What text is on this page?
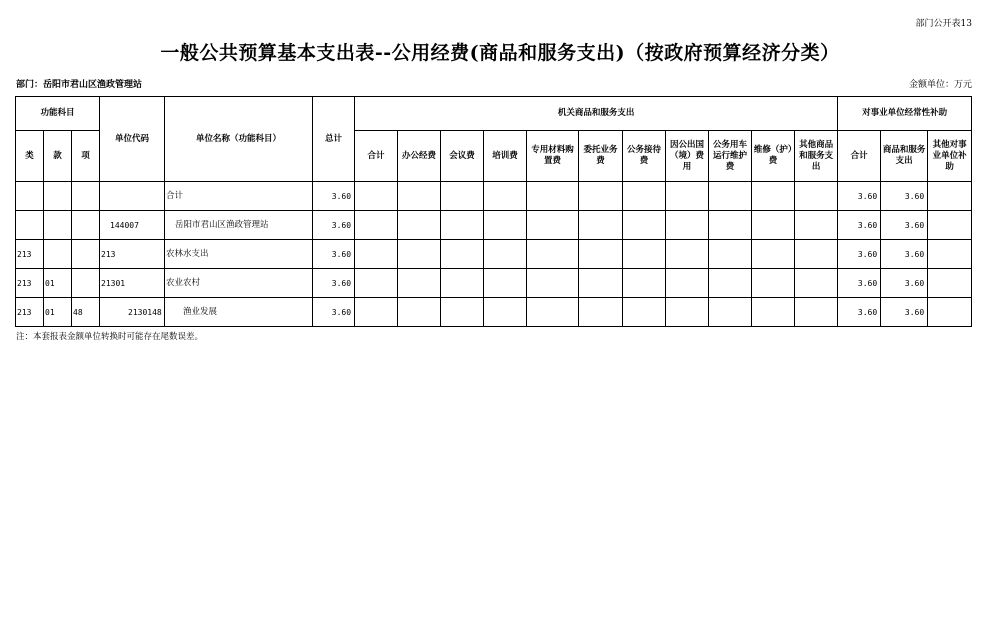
部门公开表13
一般公共预算基本支出表--公用经费(商品和服务支出)（按政府预算经济分类）
部门：岳阳市君山区渔政管理站	金额单位：万元
功能科目			单位代码	单位名称（功能科目）	总计	机关商品和服务支出											对事业单位经常性补助		
类	款	项				合计	办公经费	会议费	培训费	专用材料购置费	委托业务费	公务接待费	因公出国（境）费用	公务用车运行维护费	维修（护）费	其他商品和服务支出	合计	商品和服务支出	其他对事业单位补助
				合计	3.60												3.60	3.60	
			144007	岳阳市君山区渔政管理站	3.60												3.60	3.60	
213			213	农林水支出	3.60												3.60	3.60	
213	01		21301	农业农村	3.60												3.60	3.60	
213	01	48	2130148	渔业发展	3.60												3.60	3.60	
注：本套报表金额单位转换时可能存在尾数误差。
